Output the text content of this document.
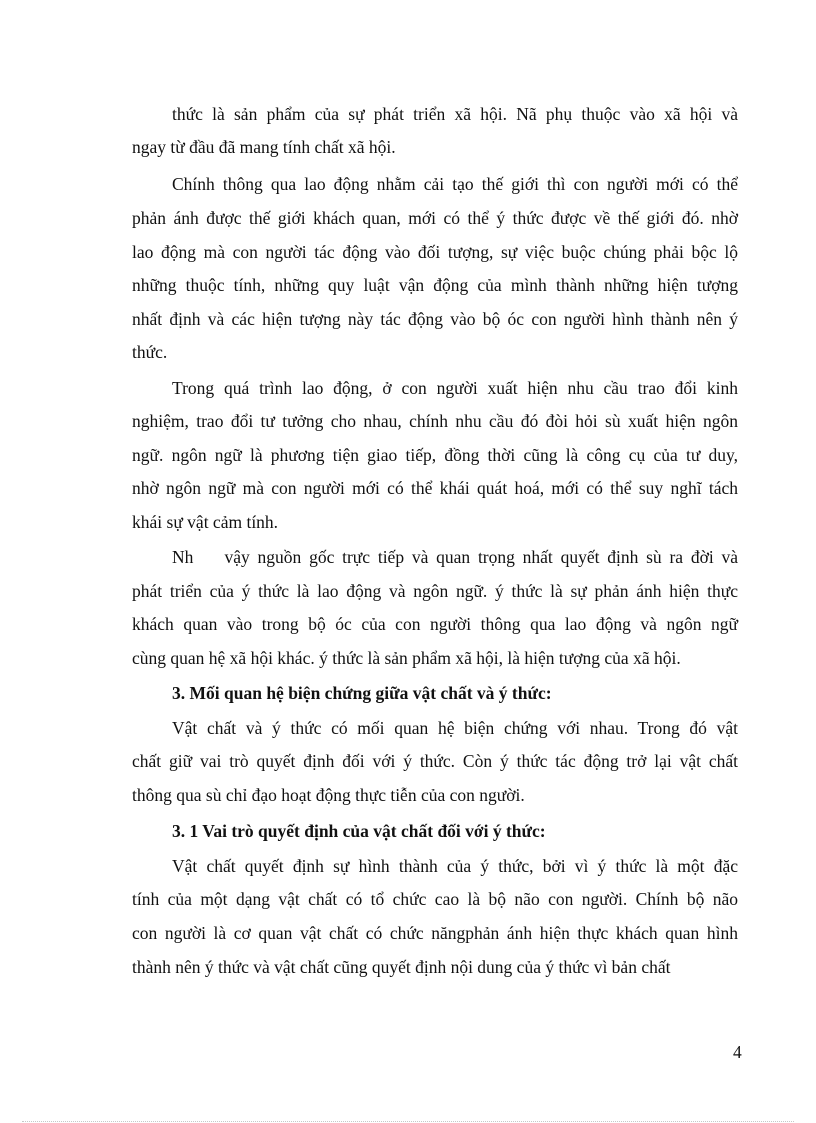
thức là sản phẩm của sự phát triển xã hội. Nã phụ thuộc vào xã hội và
ngay từ đầu đã mang tính chất xã hội.
Chính thông qua lao động nhằm cải tạo thế giới thì con người mới có thể
phản ánh được thế giới khách quan, mới có thể ý thức được về thế giới đó. nhờ
lao động mà con người tác động vào đối tượng, sự việc buộc chúng phải bộc lộ
những thuộc tính, những quy luật vận động của mình thành những hiện tượng
nhất định và các hiện tượng này tác động vào bộ óc con người hình thành nên ý
thức.
Trong quá trình lao động, ở con người xuất hiện nhu cầu trao đổi kinh
nghiệm, trao đổi tư tưởng cho nhau, chính nhu cầu đó đòi hỏi sù xuất hiện ngôn
ngữ. ngôn ngữ là phương tiện giao tiếp, đồng thời cũng là công cụ của tư duy,
nhờ ngôn ngữ mà con người mới có thể khái quát hoá, mới có thể suy nghĩ tách
khái sự vật cảm tính.
Nh    vậy nguồn gốc trực tiếp và quan trọng nhất quyết định sù ra đời và
phát triển của ý thức là lao động và ngôn ngữ. ý thức là sự phản ánh hiện thực
khách quan vào trong bộ óc của con người thông qua lao động và ngôn ngữ
cùng quan hệ xã hội khác. ý thức là sản phẩm xã hội, là hiện tượng của xã hội.
3. Mối quan hệ biện chứng giữa vật chất và ý thức:
Vật chất và ý thức có mối quan hệ biện chứng với nhau. Trong đó vật
chất giữ vai trò quyết định đối với ý thức. Còn ý thức tác động trở lại vật chất
thông qua sù chỉ đạo hoạt động thực tiễn của con người.
3. 1 Vai trò quyết định của vật chất đối với ý thức:
Vật chất quyết định sự hình thành của ý thức, bởi vì ý thức là một đặc
tính của một dạng vật chất có tổ chức cao là bộ não con người. Chính bộ não
con người là cơ quan vật chất có chức năngphản ánh hiện thực khách quan hình
thành nên ý thức và vật chất cũng quyết định nội dung của ý thức vì bản chất
4
